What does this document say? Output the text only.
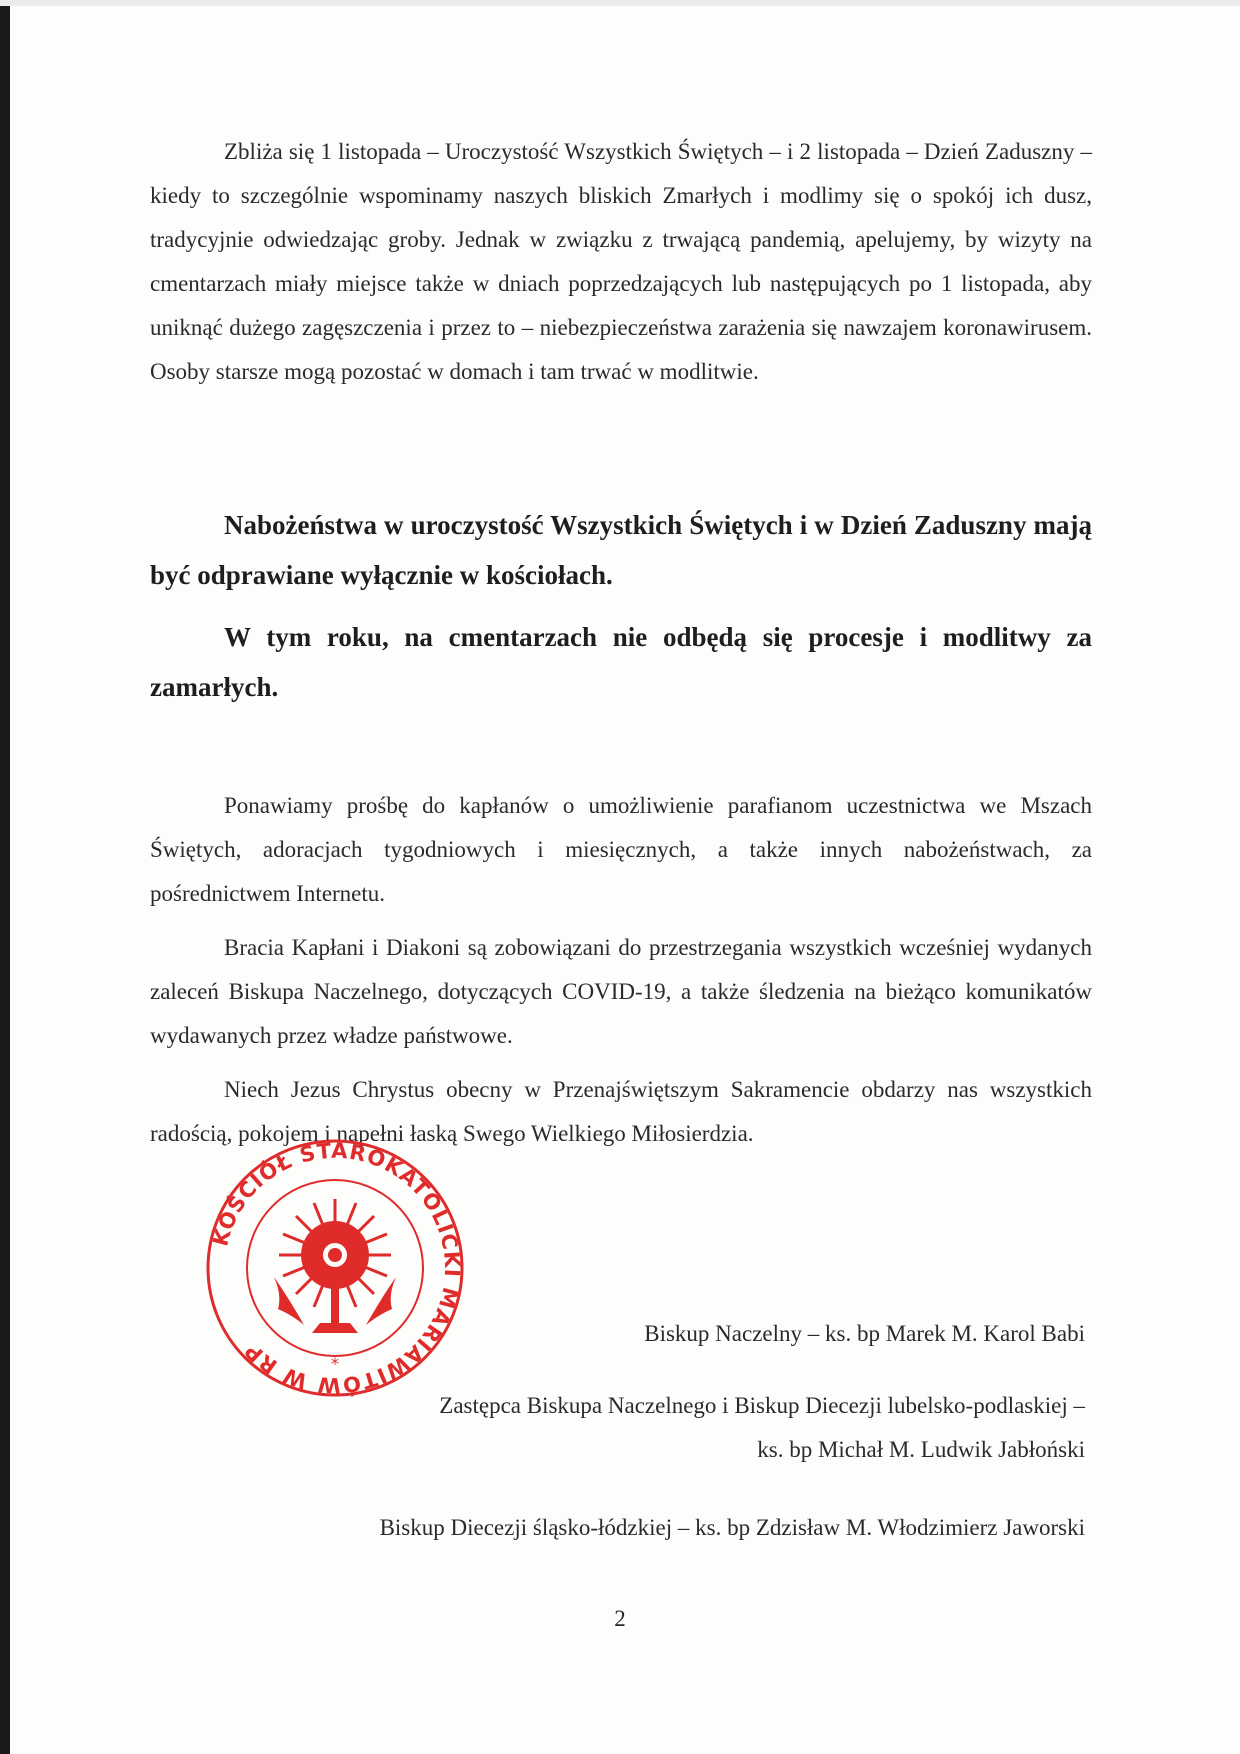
Zbliża się 1 listopada – Uroczystość Wszystkich Świętych – i 2 listopada – Dzień Zaduszny – kiedy to szczególnie wspominamy naszych bliskich Zmarłych i modlimy się o spokój ich dusz, tradycyjnie odwiedzając groby. Jednak w związku z trwającą pandemią, apelujemy, by wizyty na cmentarzach miały miejsce także w dniach poprzedzających lub następujących po 1 listopada, aby uniknąć dużego zagęszczenia i przez to – niebezpieczeństwa zarażenia się nawzajem koronawirusem. Osoby starsze mogą pozostać w domach i tam trwać w modlitwie.

Nabożeństwa w uroczystość Wszystkich Świętych i w Dzień Zaduszny mają być odprawiane wyłącznie w kościołach.

W tym roku, na cmentarzach nie odbędą się procesje i modlitwy za zamarłych.

Ponawiamy prośbę do kapłanów o umożliwienie parafianom uczestnictwa we Mszach Świętych, adoracjach tygodniowych i miesięcznych, a także innych nabożeństwach, za pośrednictwem Internetu.

Bracia Kapłani i Diakoni są zobowiązani do przestrzegania wszystkich wcześniej wydanych zaleceń Biskupa Naczelnego, dotyczących COVID-19, a także śledzenia na bieżąco komunikatów wydawanych przez władze państwowe.

Niech Jezus Chrystus obecny w Przenajświętszym Sakramencie obdarzy nas wszystkich radością, pokojem i napełni łaską Swego Wielkiego Miłosierdzia.

*
KOŚCIÓŁ STAROKATOLICKI MARIAWITÓW W RP

Biskup Naczelny – ks. bp Marek M. Karol Babi

Zastępca Biskupa Naczelnego i Biskup Diecezji lubelsko-podlaskiej –
ks. bp Michał M. Ludwik Jabłoński

Biskup Diecezji śląsko-łódzkiej – ks. bp Zdzisław M. Włodzimierz Jaworski

2
